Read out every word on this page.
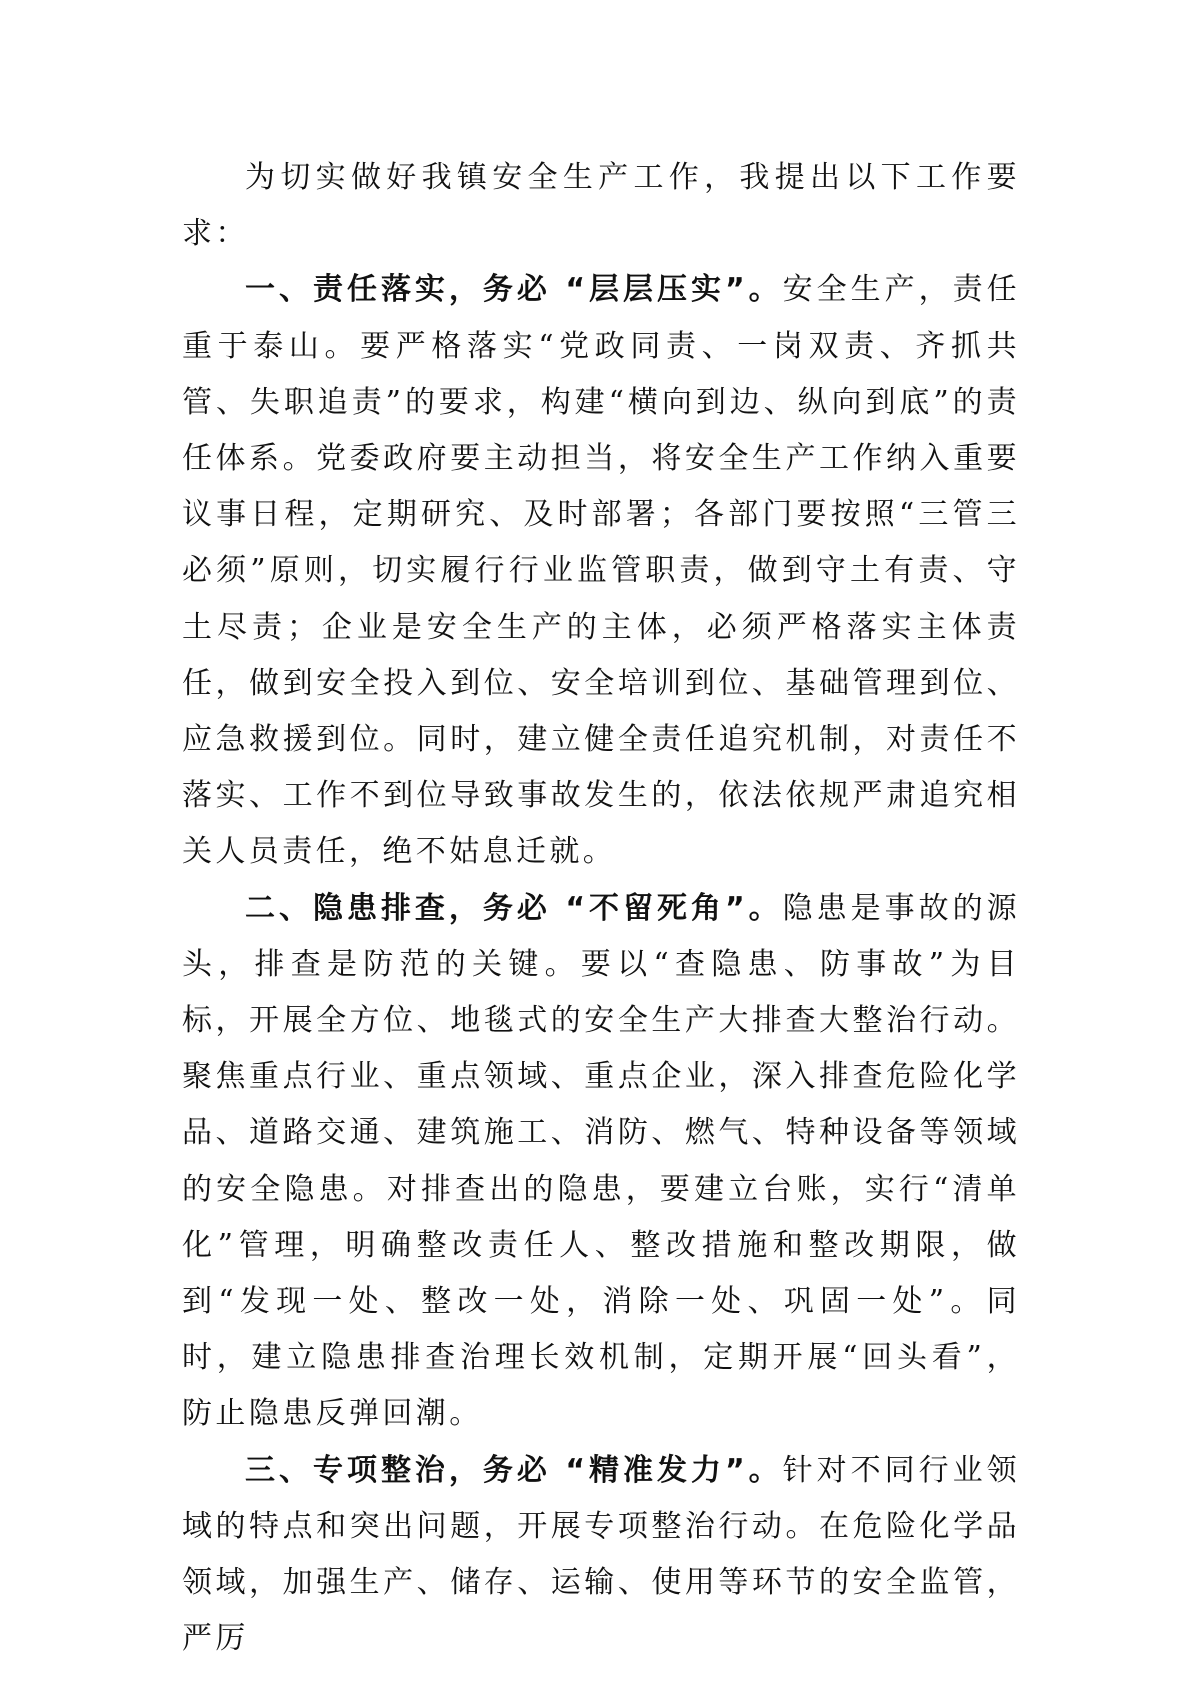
为切实做好我镇安全生产工作，我提出以下工作要求：

一、责任落实，务必 “层层压实”。安全生产，责任重于泰山。要严格落实“党政同责、一岗双责、齐抓共管、失职追责”的要求，构建“横向到边、纵向到底”的责任体系。党委政府要主动担当，将安全生产工作纳入重要议事日程，定期研究、及时部署；各部门要按照“三管三必须”原则，切实履行行业监管职责，做到守土有责、守土尽责；企业是安全生产的主体，必须严格落实主体责任，做到安全投入到位、安全培训到位、基础管理到位、应急救援到位。同时，建立健全责任追究机制，对责任不落实、工作不到位导致事故发生的，依法依规严肃追究相关人员责任，绝不姑息迁就。

二、隐患排查，务必 “不留死角”。隐患是事故的源头，排查是防范的关键。要以“查隐患、防事故”为目标，开展全方位、地毯式的安全生产大排查大整治行动。聚焦重点行业、重点领域、重点企业，深入排查危险化学品、道路交通、建筑施工、消防、燃气、特种设备等领域的安全隐患。对排查出的隐患，要建立台账，实行“清单化”管理，明确整改责任人、整改措施和整改期限，做到“发现一处、整改一处，消除一处、巩固一处”。同时，建立隐患排查治理长效机制，定期开展“回头看”，防止隐患反弹回潮。

三、专项整治，务必 “精准发力”。针对不同行业领域的特点和突出问题，开展专项整治行动。在危险化学品领域，加强生产、储存、运输、使用等环节的安全监管，严厉
